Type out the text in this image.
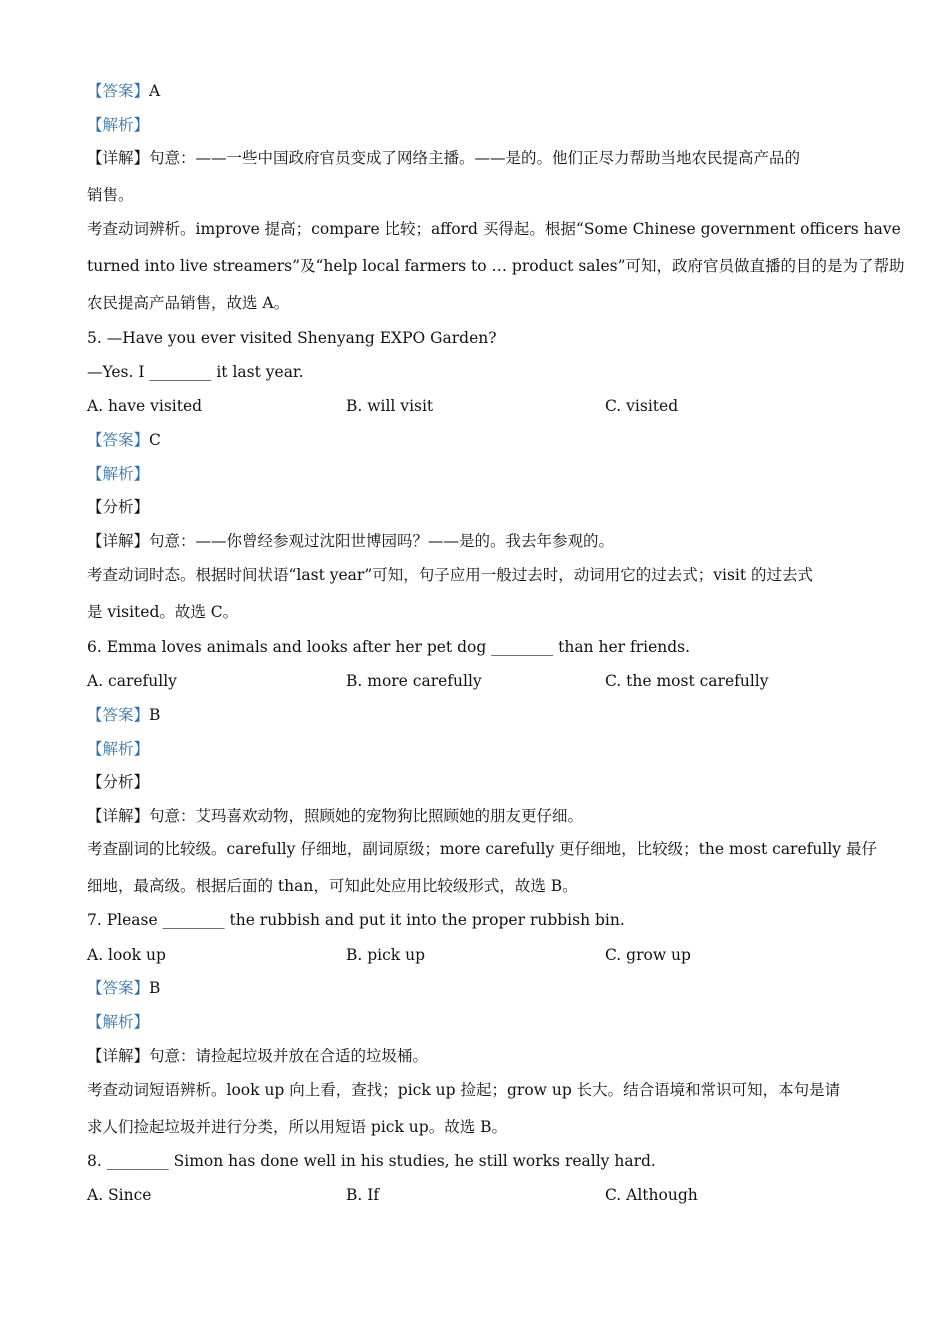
【答案】A
【解析】
【详解】句意：——一些中国政府官员变成了网络主播。——是的。他们正尽力帮助当地农民提高产品的
销售。
考查动词辨析。improve 提高；compare 比较；afford 买得起。根据“Some Chinese government officers have
turned into live streamers”及“help local farmers to … product sales”可知，政府官员做直播的目的是为了帮助
农民提高产品销售，故选 A。
5. —Have you ever visited Shenyang EXPO Garden?
—Yes. I ________ it last year.
A. have visited	B. will visit	C. visited
【答案】C
【解析】
【分析】
【详解】句意：——你曾经参观过沈阳世博园吗？——是的。我去年参观的。
考查动词时态。根据时间状语“last year”可知，句子应用一般过去时，动词用它的过去式；visit 的过去式
是 visited。故选 C。
6. Emma loves animals and looks after her pet dog ________ than her friends.
A. carefully	B. more carefully	C. the most carefully
【答案】B
【解析】
【分析】
【详解】句意：艾玛喜欢动物，照顾她的宠物狗比照顾她的朋友更仔细。
考查副词的比较级。carefully 仔细地，副词原级；more carefully 更仔细地，比较级；the most carefully 最仔
细地，最高级。根据后面的 than，可知此处应用比较级形式，故选 B。
7. Please ________ the rubbish and put it into the proper rubbish bin.
A. look up	B. pick up	C. grow up
【答案】B
【解析】
【详解】句意：请捡起垃圾并放在合适的垃圾桶。
考查动词短语辨析。look up 向上看，查找；pick up 捡起；grow up 长大。结合语境和常识可知，本句是请
求人们捡起垃圾并进行分类，所以用短语 pick up。故选 B。
8. ________ Simon has done well in his studies, he still works really hard.
A. Since	B. If	C. Although
